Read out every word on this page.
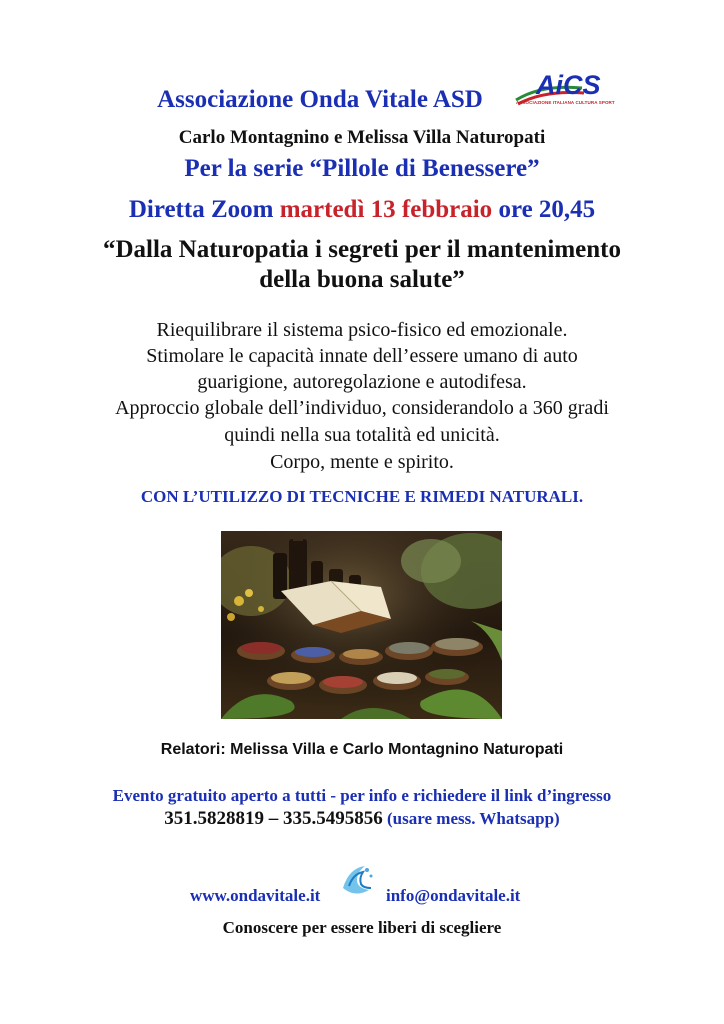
Associazione Onda Vitale ASD	AiCS
ASSOCIAZIONE ITALIANA CULTURA SPORT
Carlo Montagnino e Melissa Villa Naturopati
Per la serie “Pillole di Benessere”
Diretta Zoom martedì 13 febbraio ore 20,45
“Dalla Naturopatia i segreti per il mantenimento
della buona salute”
Riequilibrare il sistema psico-fisico ed emozionale.
Stimolare le capacità innate dell’essere umano di auto
guarigione, autoregolazione e autodifesa.
Approccio globale dell’individuo, considerandolo a 360 gradi
quindi nella sua totalità ed unicità.
Corpo, mente e spirito.
CON L’UTILIZZO DI TECNICHE E RIMEDI NATURALI.
Relatori: Melissa Villa e Carlo Montagnino Naturopati
Evento gratuito aperto a tutti - per info e richiedere il link d’ingresso
351.5828819 – 335.5495856 (usare mess. Whatsapp)
www.ondavitale.it	info@ondavitale.it
Conoscere per essere liberi di scegliere
